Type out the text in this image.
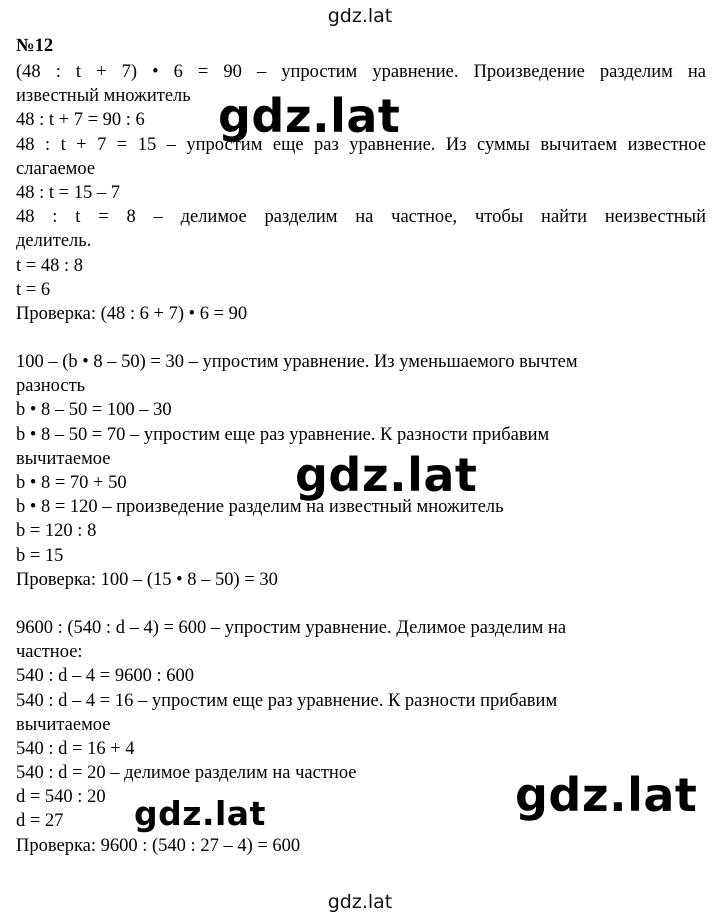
gdz.lat
№12
(48 : t + 7) • 6 = 90 – упростим уравнение. Произведение разделим на
известный множитель
48 : t + 7 = 90 : 6
48 : t + 7 = 15 – упростим еще раз уравнение. Из суммы вычитаем известное
слагаемое
48 : t = 15 – 7
48 : t = 8 – делимое разделим на частное, чтобы найти неизвестный
делитель.
t = 48 : 8
t = 6
Проверка: (48 : 6 + 7) • 6 = 90
100 – (b • 8 – 50) = 30 – упростим уравнение. Из уменьшаемого вычтем
разность
b • 8 – 50 = 100 – 30
b • 8 – 50 = 70 – упростим еще раз уравнение. К разности прибавим
вычитаемое
b • 8 = 70 + 50
b • 8 = 120 – произведение разделим на известный множитель
b = 120 : 8
b = 15
Проверка: 100 – (15 • 8 – 50) = 30
9600 : (540 : d – 4) = 600 – упростим уравнение. Делимое разделим на
частное:
540 : d – 4 = 9600 : 600
540 : d – 4 = 16 – упростим еще раз уравнение. К разности прибавим
вычитаемое
540 : d = 16 + 4
540 : d = 20 – делимое разделим на частное
d = 540 : 20
d = 27
Проверка: 9600 : (540 : 27 – 4) = 600
gdz.lat
gdz.lat
gdz.lat
gdz.lat
gdz.lat
